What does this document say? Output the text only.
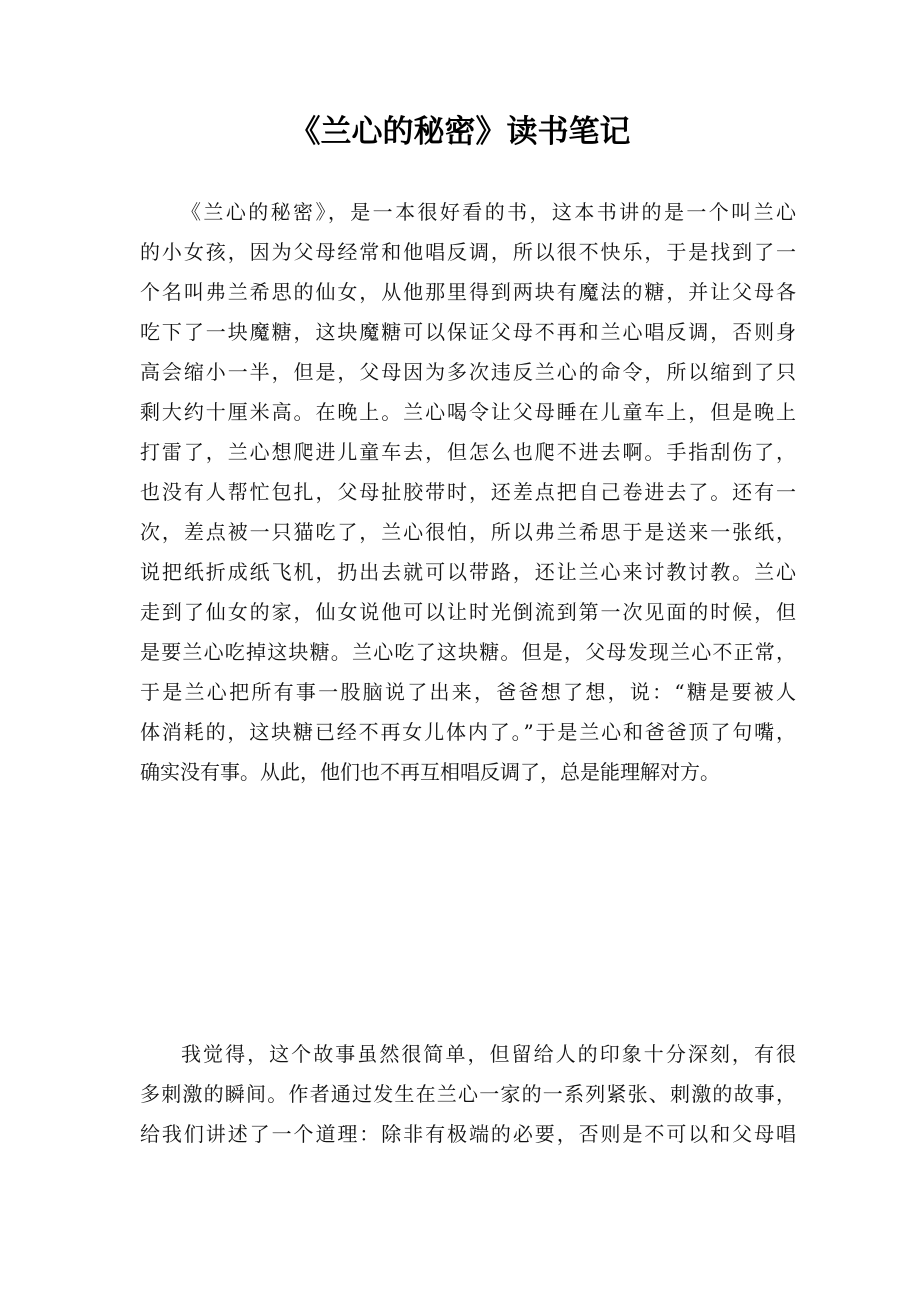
《兰心的秘密》读书笔记
《兰心的秘密》，是一本很好看的书，这本书讲的是一个叫兰心
的小女孩，因为父母经常和他唱反调，所以很不快乐，于是找到了一
个名叫弗兰希思的仙女，从他那里得到两块有魔法的糖，并让父母各
吃下了一块魔糖，这块魔糖可以保证父母不再和兰心唱反调，否则身
高会缩小一半，但是，父母因为多次违反兰心的命令，所以缩到了只
剩大约十厘米高。在晚上。兰心喝令让父母睡在儿童车上，但是晚上
打雷了，兰心想爬进儿童车去，但怎么也爬不进去啊。手指刮伤了，
也没有人帮忙包扎，父母扯胶带时，还差点把自己卷进去了。还有一
次，差点被一只猫吃了，兰心很怕，所以弗兰希思于是送来一张纸，
说把纸折成纸飞机，扔出去就可以带路，还让兰心来讨教讨教。兰心
走到了仙女的家，仙女说他可以让时光倒流到第一次见面的时候，但
是要兰心吃掉这块糖。兰心吃了这块糖。但是，父母发现兰心不正常，
于是兰心把所有事一股脑说了出来，爸爸想了想，说：“糖是要被人
体消耗的，这块糖已经不再女儿体内了。”于是兰心和爸爸顶了句嘴，
确实没有事。从此，他们也不再互相唱反调了，总是能理解对方。
我觉得，这个故事虽然很简单，但留给人的印象十分深刻，有很
多刺激的瞬间。作者通过发生在兰心一家的一系列紧张、刺激的故事，
给我们讲述了一个道理：除非有极端的必要，否则是不可以和父母唱
